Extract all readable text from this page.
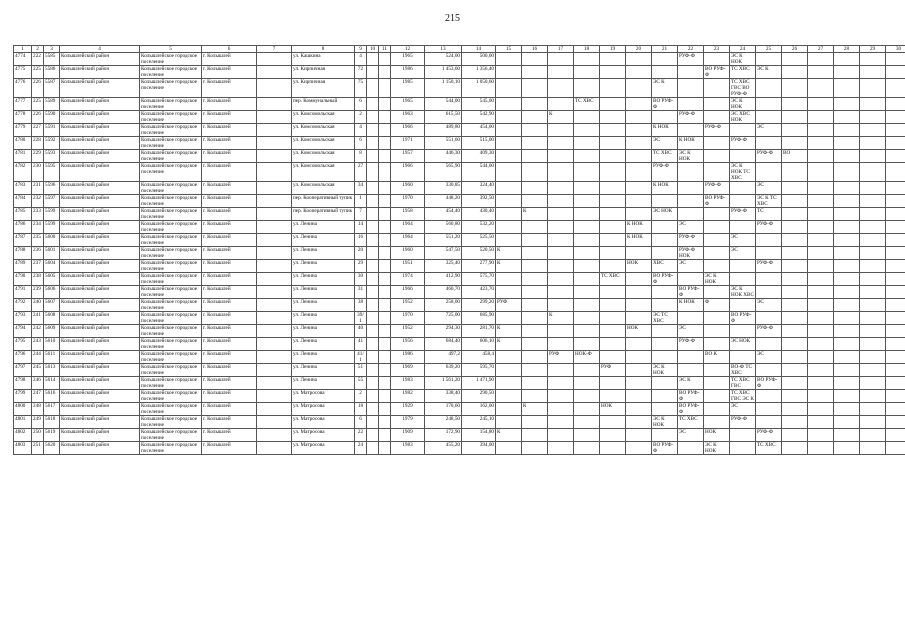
215
1	2	3	4	5	6	7	8	9	10	11	12	13	14	15	16	17	18	19	20	21	22	23	24	25	26	27	28	29	30
4774	222	5585	Колышлейский район	Колышлейское городское поселение	г. Колышлей		ул. Кашкина	4			1965	524,00	500,00								РУФ-Ф		ЭС К НОК						
4775	225	5586	Колышлейский район	Колышлейское городское поселение	г. Колышлей		ул. Кирпичная	72			1986	1 453,60	1 356,40									ВО РУФ-Ф	ТС ХВС	ЭС К					
4776	226	5587	Колышлейский район	Колышлейское городское поселение	г. Колышлей		ул. Кирпичная	75			1985	1 150,10	1 050,60							ЭС К			ТС ХВС ГВС ВО РУФ-Ф						
4777	225	5589	Колышлейский район	Колышлейское городское поселение	г. Колышлей		пер. Коммунальный	6			1965	544,00	545,00				ТС ХВС			ВО РУФ-Ф			ЭС К НОК						
4778	226	5590	Колышлейский район	Колышлейское городское поселение	г. Колышлей		ул. Комсомольская	2			1963	615,50	542,90			К					РУФ-Ф		ЭС ХВС НОК						
4779	227	5591	Колышлейский район	Колышлейское городское поселение	г. Колышлей		ул. Комсомольская	4			1966	489,80	454,00							К НОК		РУФ-Ф		ЭС					
4780	228	5592	Колышлейский район	Колышлейское городское поселение	г. Колышлей		ул. Комсомольская	6			1971	551,60	515,00							ЭС	К НОК		РУФ-Ф						
4781	229	5593	Колышлейский район	Колышлейское городское поселение	г. Колышлей		ул. Комсомольская	8			1957	446,30	409,30							ТС ХВС	ЭС К НОК			РУФ-Ф	ВО				
4782	230	5595	Колышлейский район	Колышлейское городское поселение	г. Колышлей		ул. Комсомольская	27			1966	565,90	544,00							РУФ-Ф			ЭС К НОК ТС ХВС						
4783	231	5596	Колышлейский район	Колышлейское городское поселение	г. Колышлей		ул. Комсомольская	34			1960	330,85	324,40							К НОК		РУФ-Ф		ЭС					
4784	232	5597	Колышлейский район	Колышлейское городское поселение	г. Колышлей		пер. Кооперативный тупик	1			1970	448,20	392,50									ВО РУФ-Ф		ЭС К ТС ХВС					
4785	233	5599	Колышлейский район	Колышлейское городское поселение	г. Колышлей		пер. Кооперативный тупик	7			1958	454,40	430,40		К					ЭС НОК			РУФ-Ф	ТС					
4786	234	5599	Колышлейский район	Колышлейское городское поселение	г. Колышлей		ул. Ленина	14			1964	560,80	532,20						К НОК		ЭС			РУФ-Ф					
4787	235	5600	Колышлейский район	Колышлейское городское поселение	г. Колышлей		ул. Ленина	16			1964	551,20	525,50						К НОК		РУФ-Ф		ЭС						
4788	236	5601	Колышлейский район	Колышлейское городское поселение	г. Колышлей		ул. Ленина	20			1960	547,50	520,50	К							РУФ-Ф НОК		ЭС						
4789	237	5604	Колышлейский район	Колышлейское городское поселение	г. Колышлей		ул. Ленина	29			1951	325,40	277,90	К					НОК	ХВС	ЭС			РУФ-Ф					
4790	238	5605	Колышлейский район	Колышлейское городское поселение	г. Колышлей		ул. Ленина	30			1974	412,90	575,70					ТС ХВС		ВО РУФ-Ф		ЭС К НОК							
4791	239	5606	Колышлейский район	Колышлейское городское поселение	г. Колышлей		ул. Ленина	31			1966	460,70	423,70								ВО РУФ-Ф		ЭС К НОК ХВС						
4792	240	5607	Колышлейский район	Колышлейское городское поселение	г. Колышлей		ул. Ленина	38			1952	258,00	299,20	РУФ							К НОК	Ф		ЭС					
4793	241	5608	Колышлейский район	Колышлейское городское поселение	г. Колышлей		ул. Ленина	39/1			1970	725,00	685,90			К				ЭС ТС ХВС			ВО РУФ-Ф						
4794	242	5609	Колышлейский район	Колышлейское городское поселение	г. Колышлей		ул. Ленина	40			1952	294,30	281,70	К					НОК		ЭС			РУФ-Ф					
4795	243	5610	Колышлейский район	Колышлейское городское поселение	г. Колышлей		ул. Ленина	41			1956	684,40	606,10	К							РУФ-Ф		ЭС НОК						
4796	244	5611	Колышлейский район	Колышлейское городское поселение	г. Колышлей		ул. Ленина	41/1			1986	497,2	458,4			РУФ	НОК-Ф					ВО К		ЭС					
4797	245	5613	Колышлейский район	Колышлейское городское поселение	г. Колышлей		ул. Ленина	51			1969	639,20	595,70					РУФ		ЭС К НОК			ВО-Ф ТС ХВС						
4798	246	5614	Колышлейский район	Колышлейское городское поселение	г. Колышлей		ул. Ленина	55			1983	1 561,20	1 471,90								ЭС К		ТС ХВС ГВС	ВО РУФ-Ф					
4799	247	5616	Колышлейский район	Колышлейское городское поселение	г. Колышлей		ул. Матросова	2			1982	338,40	290,50								ВО РУФ-Ф		ТС ХВС ГВС ЭС К						
4800	248	5617	Колышлейский район	Колышлейское городское поселение	г. Колышлей		ул. Матросова	18			1929	170,60	162,00		К			НОК			ВО РУФ-Ф		ЭС						
4801	249	5618	Колышлейский район	Колышлейское городское поселение	г. Колышлей		ул. Матросова	6			1979	248,50	245,10							ЭС К НОК	ТС ХВС		РУФ-Ф						
4802	250	5619	Колышлейский район	Колышлейское городское поселение	г. Колышлей		ул. Матросова	22			1909	172,90	154,80	К							ЭС	НОК		РУФ-Ф					
4803	251	5620	Колышлейский район	Колышлейское городское поселение	г. Колышлей		ул. Матросова	24			1983	455,20	394,00							ВО РУФ-Ф		ЭС К НОК		ТС ХВС					
